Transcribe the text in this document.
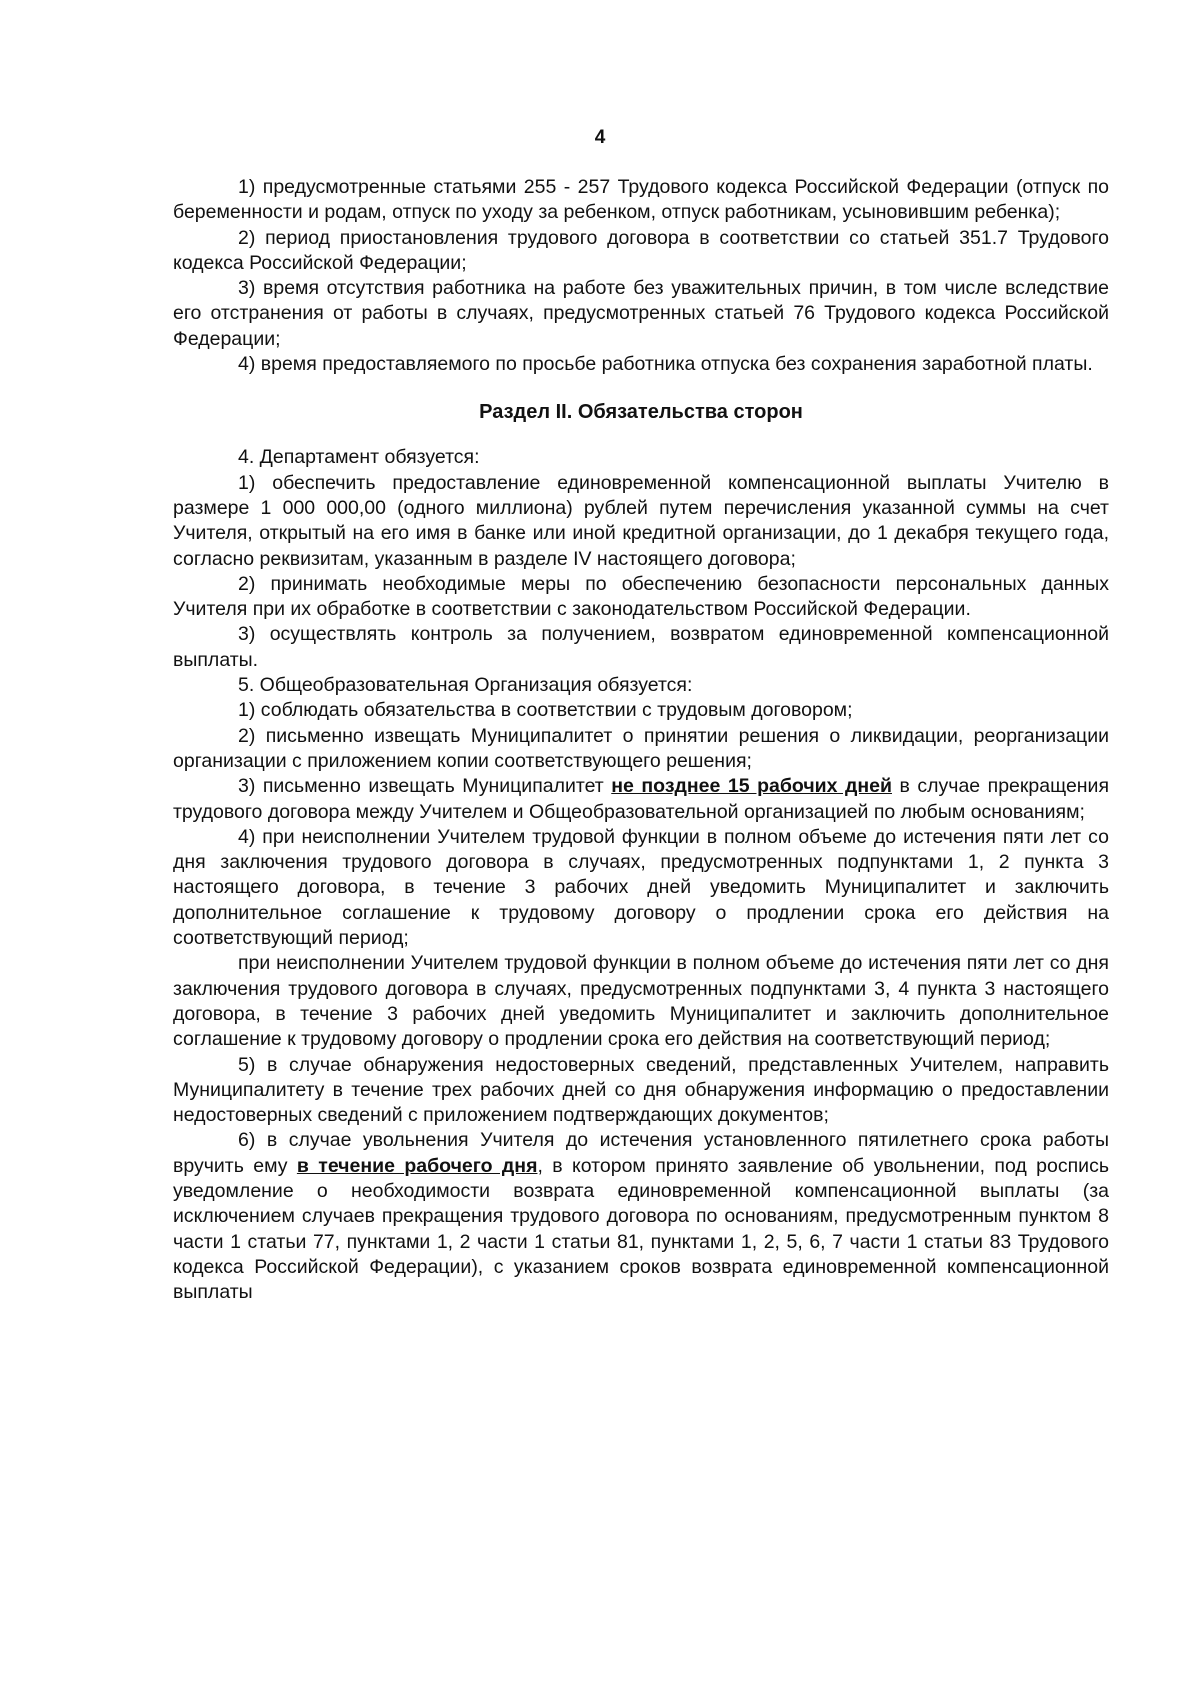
4

1) предусмотренные статьями 255 - 257 Трудового кодекса Российской Федерации (отпуск по беременности и родам, отпуск по уходу за ребенком, отпуск работникам, усыновившим ребенка);

2) период приостановления трудового договора в соответствии со статьей 351.7 Трудового кодекса Российской Федерации;

3) время отсутствия работника на работе без уважительных причин, в том числе вследствие его отстранения от работы в случаях, предусмотренных статьей 76 Трудового кодекса Российской Федерации;

4) время предоставляемого по просьбе работника отпуска без сохранения заработной платы.

Раздел II. Обязательства сторон

4. Департамент обязуется:

1) обеспечить предоставление единовременной компенсационной выплаты Учителю в размере 1 000 000,00 (одного миллиона) рублей путем перечисления указанной суммы на счет Учителя, открытый на его имя в банке или иной кредитной организации, до 1 декабря текущего года, согласно реквизитам, указанным в разделе IV настоящего договора;

2) принимать необходимые меры по обеспечению безопасности персональных данных Учителя при их обработке в соответствии с законодательством Российской Федерации.

3) осуществлять контроль за получением, возвратом единовременной компенсационной выплаты.

5. Общеобразовательная Организация обязуется:

1) соблюдать обязательства в соответствии с трудовым договором;

2) письменно извещать Муниципалитет о принятии решения о ликвидации, реорганизации организации с приложением копии соответствующего решения;

3) письменно извещать Муниципалитет не позднее 15 рабочих дней в случае прекращения трудового договора между Учителем и Общеобразовательной организацией по любым основаниям;

4) при неисполнении Учителем трудовой функции в полном объеме до истечения пяти лет со дня заключения трудового договора в случаях, предусмотренных подпунктами 1, 2 пункта 3 настоящего договора, в течение 3 рабочих дней уведомить Муниципалитет и заключить дополнительное соглашение к трудовому договору о продлении срока его действия на соответствующий период;

при неисполнении Учителем трудовой функции в полном объеме до истечения пяти лет со дня заключения трудового договора в случаях, предусмотренных подпунктами 3, 4 пункта 3 настоящего договора, в течение 3 рабочих дней уведомить Муниципалитет и заключить дополнительное соглашение к трудовому договору о продлении срока его действия на соответствующий период;

5) в случае обнаружения недостоверных сведений, представленных Учителем, направить Муниципалитету в течение трех рабочих дней со дня обнаружения информацию о предоставлении недостоверных сведений с приложением подтверждающих документов;

6) в случае увольнения Учителя до истечения установленного пятилетнего срока работы вручить ему в течение рабочего дня, в котором принято заявление об увольнении, под роспись уведомление о необходимости возврата единовременной компенсационной выплаты (за исключением случаев прекращения трудового договора по основаниям, предусмотренным пунктом 8 части 1 статьи 77, пунктами 1, 2 части 1 статьи 81, пунктами 1, 2, 5, 6, 7 части 1 статьи 83 Трудового кодекса Российской Федерации), с указанием сроков возврата единовременной компенсационной выплаты
